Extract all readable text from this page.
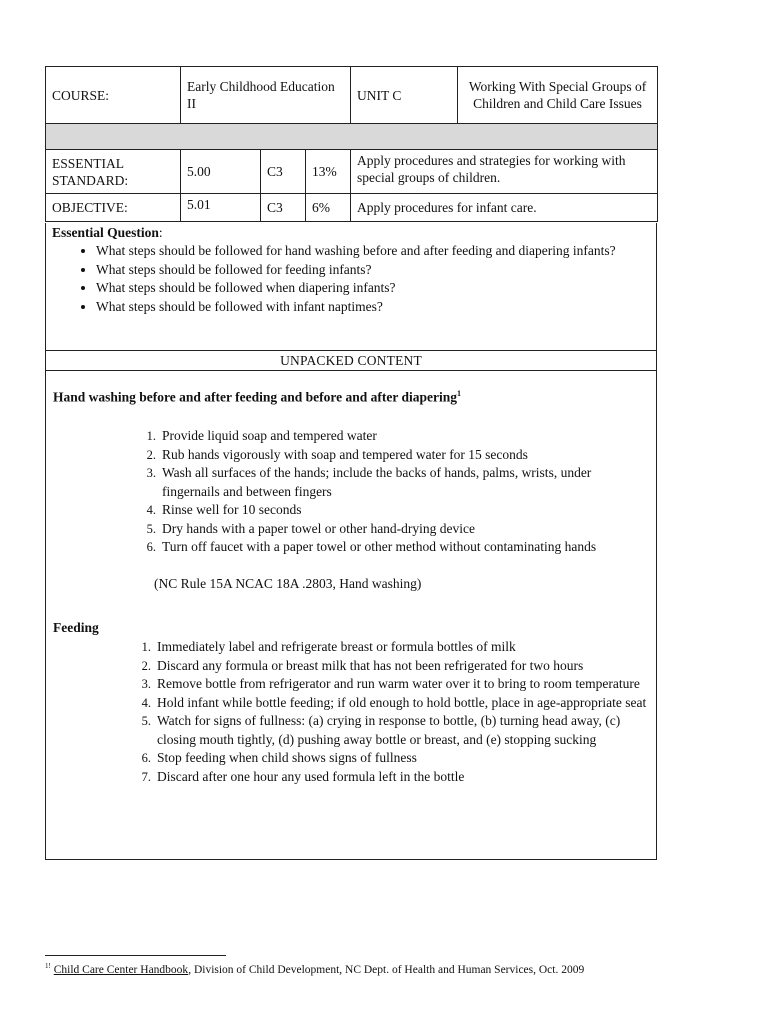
COURSE:	Early Childhood Education II			UNIT C	Working With Special Groups of Children and Child Care Issues

ESSENTIAL STANDARD:	5.00	C3	13%	Apply procedures and strategies for working with special groups of children.	
OBJECTIVE:	5.01	C3	6%	Apply procedures for infant care.	
Essential Question:
• What steps should be followed for hand washing before and after feeding and diapering infants?
• What steps should be followed for feeding infants?
• What steps should be followed when diapering infants?
• What steps should be followed with infant naptimes?
UNPACKED CONTENT
Hand washing before and after feeding and before and after diapering$^1$
1. Provide liquid soap and tempered water
2. Rub hands vigorously with soap and tempered water for 15 seconds
3. Wash all surfaces of the hands; include the backs of hands, palms, wrists, under fingernails and between fingers
4. Rinse well for 10 seconds
5. Dry hands with a paper towel or other hand-drying device
6. Turn off faucet with a paper towel or other method without contaminating hands
(NC Rule 15A NCAC 18A .2803, Hand washing)
Feeding
1. Immediately label and refrigerate breast or formula bottles of milk
2. Discard any formula or breast milk that has not been refrigerated for two hours
3. Remove bottle from refrigerator and run warm water over it to bring to room temperature
4. Hold infant while bottle feeding; if old enough to hold bottle, place in age-appropriate seat
5. Watch for signs of fullness: (a) crying in response to bottle, (b) turning head away, (c) closing mouth tightly, (d) pushing away bottle or breast, and (e) stopping sucking
6. Stop feeding when child shows signs of fullness
7. Discard after one hour any used formula left in the bottle
$^{1!}$ Child Care Center Handbook, Division of Child Development, NC Dept. of Health and Human Services, Oct. 2009
